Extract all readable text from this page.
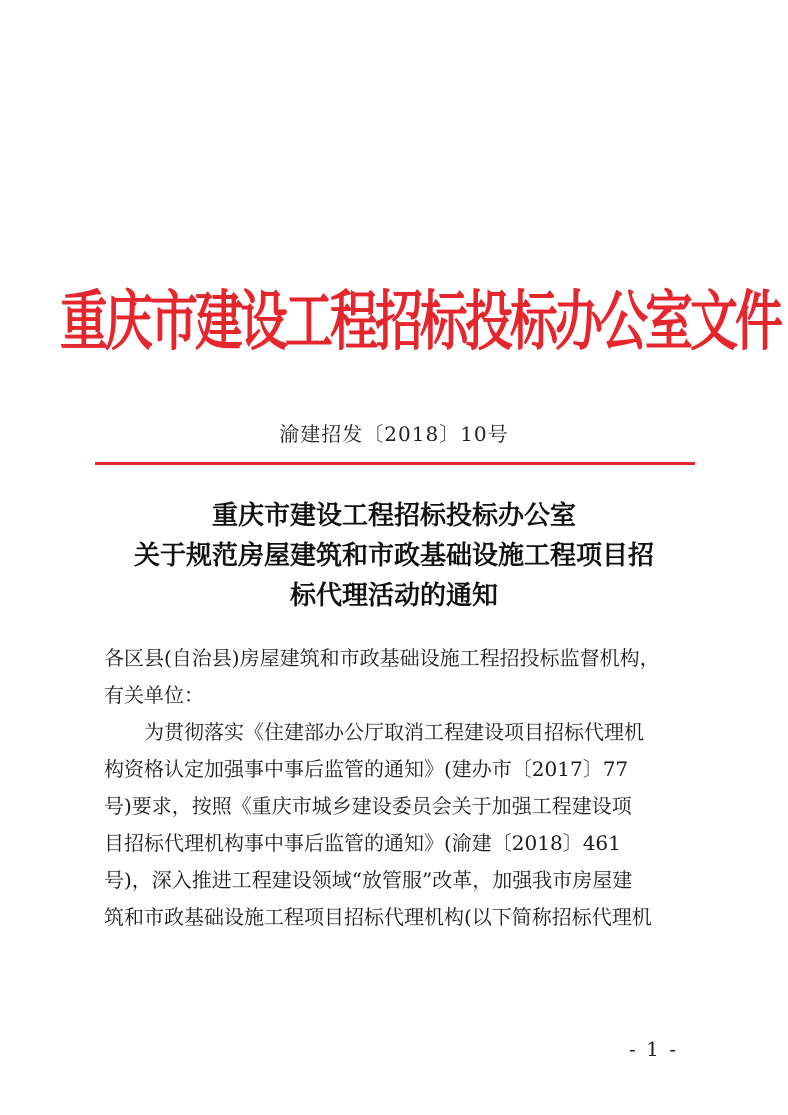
重庆市建设工程招标投标办公室文件
渝建招发〔2018〕10号
重庆市建设工程招标投标办公室
关于规范房屋建筑和市政基础设施工程项目招
标代理活动的通知
各区县(自治县)房屋建筑和市政基础设施工程招投标监督机构，
有关单位：
为贯彻落实《住建部办公厅取消工程建设项目招标代理机
构资格认定加强事中事后监管的通知》(建办市〔2017〕77
号)要求，按照《重庆市城乡建设委员会关于加强工程建设项
目招标代理机构事中事后监管的通知》(渝建〔2018〕461
号)，深入推进工程建设领域“放管服”改革，加强我市房屋建
筑和市政基础设施工程项目招标代理机构(以下简称招标代理机
- 1 -
